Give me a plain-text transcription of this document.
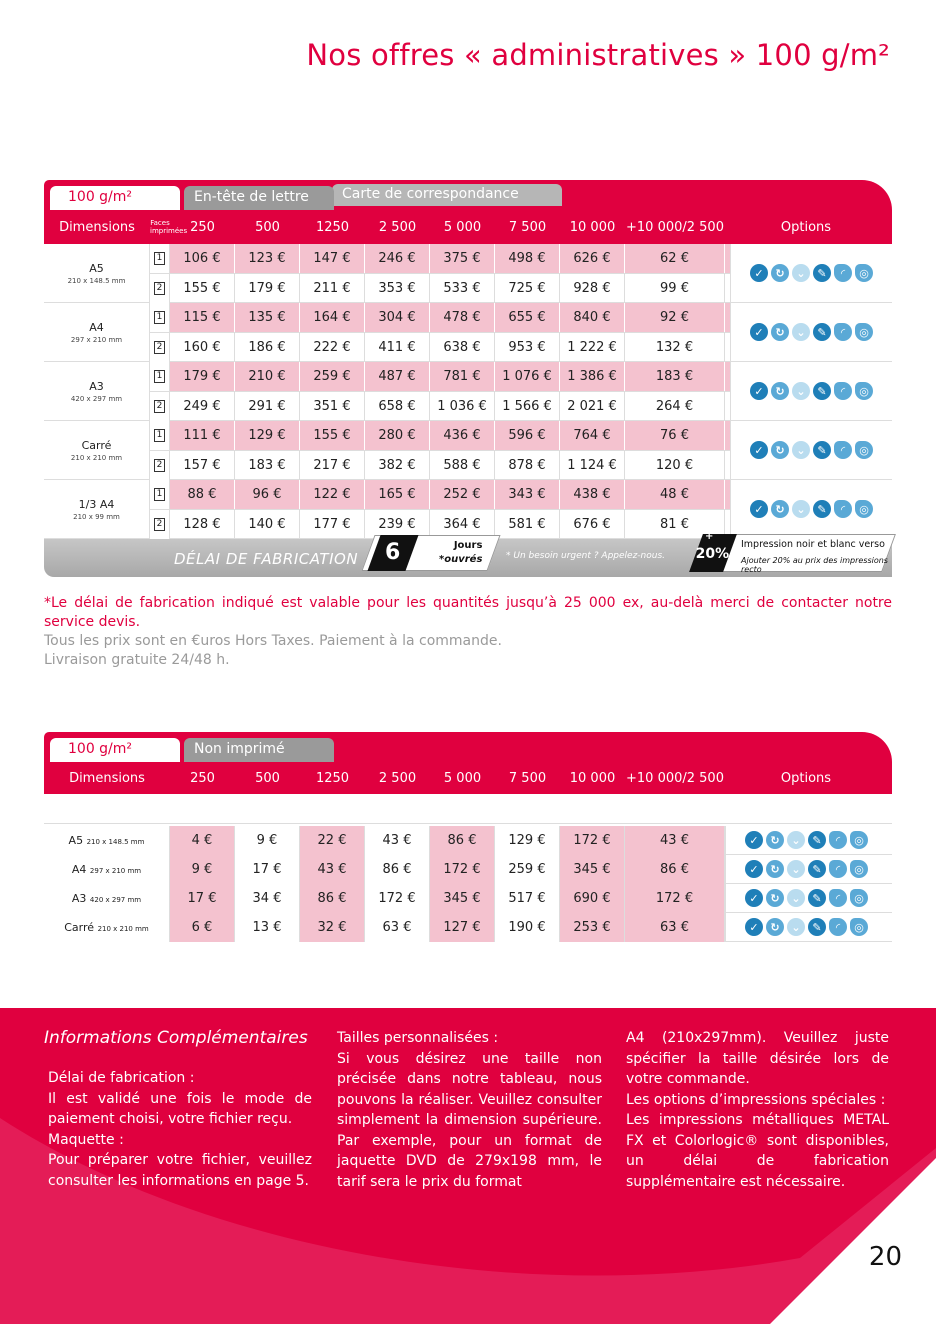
Nos offres « administratives » 100 g/m²
Carte de correspondance
En-tête de lettre
100 g/m²
Dimensions	Faces imprimées 250	500	1250	2 500	5 000	7 500	10 000 +10 000/2 500	Options
A5
210 x 148.5 mm
1	106 €	123 €	147 €	246 €	375 €	498 €	626 €	62 €
2	155 €	179 €	211 €	353 €	533 €	725 €	928 €	99 €
✓	↻	⌄	✎	◜	◎
A4
297 x 210 mm
1	115 €	135 €	164 €	304 €	478 €	655 €	840 €	92 €
2	160 €	186 €	222 €	411 €	638 €	953 €	1 222 €	132 €
✓	↻	⌄	✎	◜	◎
A3
420 x 297 mm
1	179 €	210 €	259 €	487 €	781 €	1 076 €	1 386 €	183 €
2	249 €	291 €	351 €	658 €	1 036 €	1 566 €	2 021 €	264 €
✓	↻	⌄	✎	◜	◎
Carré
210 x 210 mm
1	111 €	129 €	155 €	280 €	436 €	596 €	764 €	76 €
2	157 €	183 €	217 €	382 €	588 €	878 €	1 124 €	120 €
✓	↻	⌄	✎	◜	◎
1/3 A4
210 x 99 mm
1	88 €	96 €	122 €	165 €	252 €	343 €	438 €	48 €
2	128 €	140 €	177 €	239 €	364 €	581 €	676 €	81 €
✓	↻	⌄	✎	◜	◎
DÉLAI DE FABRICATION	6	Jours
*ouvrés	* Un besoin urgent ? Appelez-nous.	20%
+
Impression noir et blanc verso
Ajouter 20% au prix des impressions recto
*Le délai de fabrication indiqué est valable pour les quantités jusqu’à 25 000 ex, au-delà merci de contacter notre service devis.
Tous les prix sont en €uros Hors Taxes. Paiement à la commande.
Livraison gratuite 24/48 h.
Non imprimé
100 g/m²
Dimensions	250	500	1250	2 500	5 000	7 500	10 000 +10 000/2 500	Options
A5 210 x 148.5 mm	4 €	9 €	22 €	43 €	86 €	129 €	172 €	43 €	✓	↻	⌄	✎	◜	◎
A4 297 x 210 mm	9 €	17 €	43 €	86 €	172 €	259 €	345 €	86 €	✓	↻	⌄	✎	◜	◎
A3 420 x 297 mm	17 €	34 €	86 €	172 €	345 €	517 €	690 €	172 €	✓	↻	⌄	✎	◜	◎
Carré 210 x 210 mm	6 €	13 €	32 €	63 €	127 €	190 €	253 €	63 €	✓	↻	⌄	✎	◜	◎
Informations Complémentaires
Délai de fabrication :
Il est validé une fois le mode de paiement choisi, votre fichier reçu.
Maquette :
Pour préparer votre fichier, veuillez consulter les informations en page 5.
Tailles personnalisées :
Si vous désirez une taille non précisée dans notre tableau, nous pouvons la réaliser. Veuillez consulter simplement la dimension supérieure. Par exemple, pour un format de jaquette DVD de 279x198 mm, le tarif sera le prix du format
A4 (210x297mm). Veuillez juste spécifier la taille désirée lors de votre commande.
Les options d’impressions spéciales :
Les impressions métalliques METAL FX et Colorlogic® sont disponibles, un délai de fabrication supplémentaire est nécessaire.
20
